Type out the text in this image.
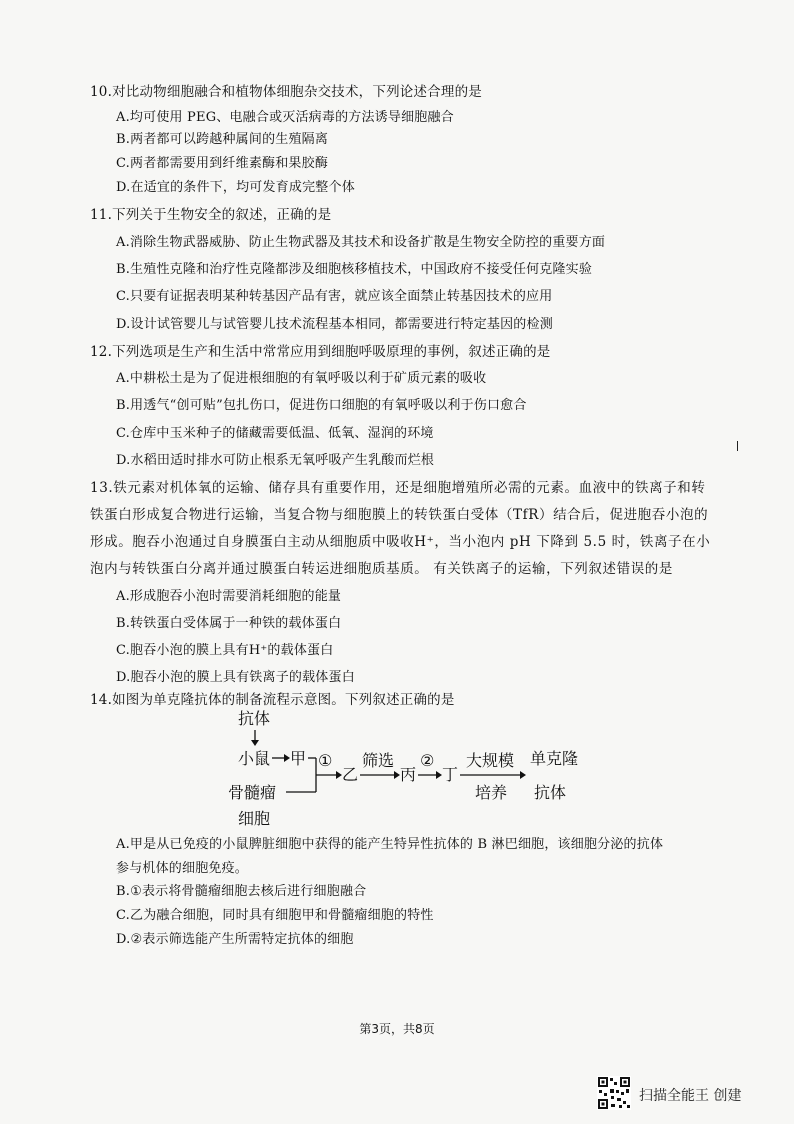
10.对比动物细胞融合和植物体细胞杂交技术，下列论述合理的是
A.均可使用 PEG、电融合或灭活病毒的方法诱导细胞融合
B.两者都可以跨越种属间的生殖隔离
C.两者都需要用到纤维素酶和果胶酶
D.在适宜的条件下，均可发育成完整个体
11.下列关于生物安全的叙述，正确的是
A.消除生物武器威胁、防止生物武器及其技术和设备扩散是生物安全防控的重要方面
B.生殖性克隆和治疗性克隆都涉及细胞核移植技术，中国政府不接受任何克隆实验
C.只要有证据表明某种转基因产品有害，就应该全面禁止转基因技术的应用
D.设计试管婴儿与试管婴儿技术流程基本相同，都需要进行特定基因的检测
12.下列选项是生产和生活中常常应用到细胞呼吸原理的事例，叙述正确的是
A.中耕松土是为了促进根细胞的有氧呼吸以利于矿质元素的吸收
B.用透气“创可贴”包扎伤口，促进伤口细胞的有氧呼吸以利于伤口愈合
C.仓库中玉米种子的储藏需要低温、低氧、湿润的环境
D.水稻田适时排水可防止根系无氧呼吸产生乳酸而烂根
13.铁元素对机体氧的运输、储存具有重要作用，还是细胞增殖所必需的元素。血液中的铁离子和转
铁蛋白形成复合物进行运输，当复合物与细胞膜上的转铁蛋白受体（TfR）结合后，促进胞吞小泡的
形成。胞吞小泡通过自身膜蛋白主动从细胞质中吸收H⁺，当小泡内 pH 下降到 5.5 时，铁离子在小
泡内与转铁蛋白分离并通过膜蛋白转运进细胞质基质。 有关铁离子的运输，下列叙述错误的是
A.形成胞吞小泡时需要消耗细胞的能量
B.转铁蛋白受体属于一种铁的载体蛋白
C.胞吞小泡的膜上具有H⁺的载体蛋白
D.胞吞小泡的膜上具有铁离子的载体蛋白
14.如图为单克隆抗体的制备流程示意图。下列叙述正确的是
抗体
小鼠 甲 ①
乙
筛选
丙
②
丁
大规模
培养
单克隆
抗体
骨髓瘤
细胞
A.甲是从已免疫的小鼠脾脏细胞中获得的能产生特异性抗体的 B 淋巴细胞，该细胞分泌的抗体
参与机体的细胞免疫。
B.①表示将骨髓瘤细胞去核后进行细胞融合
C.乙为融合细胞，同时具有细胞甲和骨髓瘤细胞的特性
D.②表示筛选能产生所需特定抗体的细胞
第3页，共8页
扫描全能王 创建
